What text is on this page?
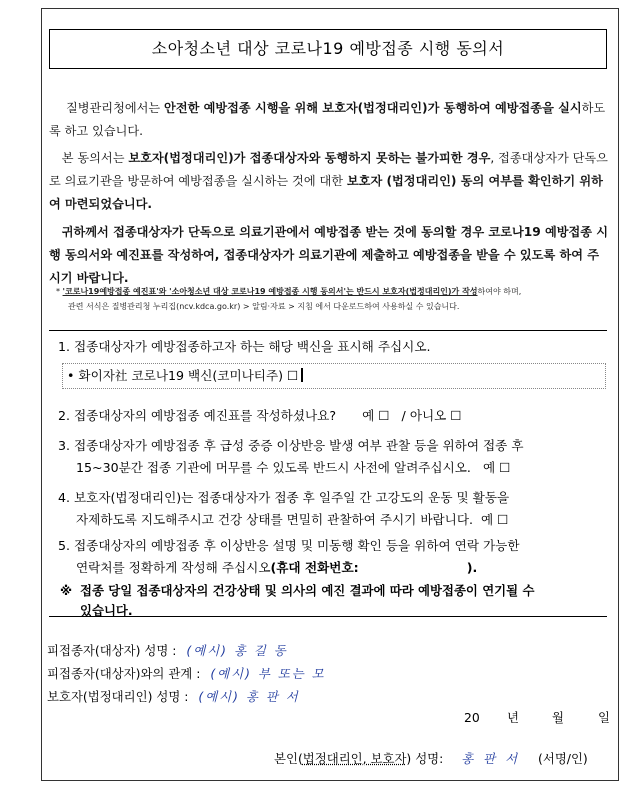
소아청소년 대상 코로나19 예방접종 시행 동의서
질병관리청에서는 안전한 예방접종 시행을 위해 보호자(법정대리인)가 동행하여 예방접종을 실시하도록 하고 있습니다.
본 동의서는 보호자(법정대리인)가 접종대상자와 동행하지 못하는 불가피한 경우, 접종대상자가 단독으로 의료기관을 방문하여 예방접종을 실시하는 것에 대한 보호자 (법정대리인) 동의 여부를 확인하기 위하여 마련되었습니다.
귀하께서 접종대상자가 단독으로 의료기관에서 예방접종 받는 것에 동의할 경우 코로나19 예방접종 시행 동의서와 예진표를 작성하여, 접종대상자가 의료기관에 제출하고 예방접종을 받을 수 있도록 하여 주시기 바랍니다.
* '코로나19예방접종 예진표'와 '소아청소년 대상 코로나19 예방접종 시행 동의서'는 반드시 보호자(법정대리인)가 작성하여야 하며,
관련 서식은 질병관리청 누리집(ncv.kdca.go.kr) > 알림·자료 > 지침 에서 다운로드하여 사용하실 수 있습니다.
1. 접종대상자가 예방접종하고자 하는 해당 백신을 표시해 주십시오.
• 화이자社 코로나19 백신(코미나티주) ☐
2. 접종대상자의 예방접종 예진표를 작성하셨나요? 예 ☐ / 아니오 ☐
3. 접종대상자가 예방접종 후 급성 중증 이상반응 발생 여부 관찰 등을 위하여 접종 후
15~30분간 접종 기관에 머무를 수 있도록 반드시 사전에 알려주십시오. 예 ☐
4. 보호자(법정대리인)는 접종대상자가 접종 후 일주일 간 고강도의 운동 및 활동을
자제하도록 지도해주시고 건강 상태를 면밀히 관찰하여 주시기 바랍니다. 예 ☐
5. 접종대상자의 예방접종 후 이상반응 설명 및 미동행 확인 등을 위하여 연락 가능한
연락처를 정확하게 작성해 주십시오(휴대 전화번호:	).
※ 접종 당일 접종대상자의 건강상태 및 의사의 예진 결과에 따라 예방접종이 연기될 수
있습니다.
피접종자(대상자) 성명 : (예시) 홍 길 동
피접종자(대상자)와의 관계 : (예시) 부 또는 모
보호자(법정대리인) 성명 : (예시) 홍 판 서
20 년	월	일
본인(법정대리인, 보호자) 성명: 홍 판 서 (서명/인)
